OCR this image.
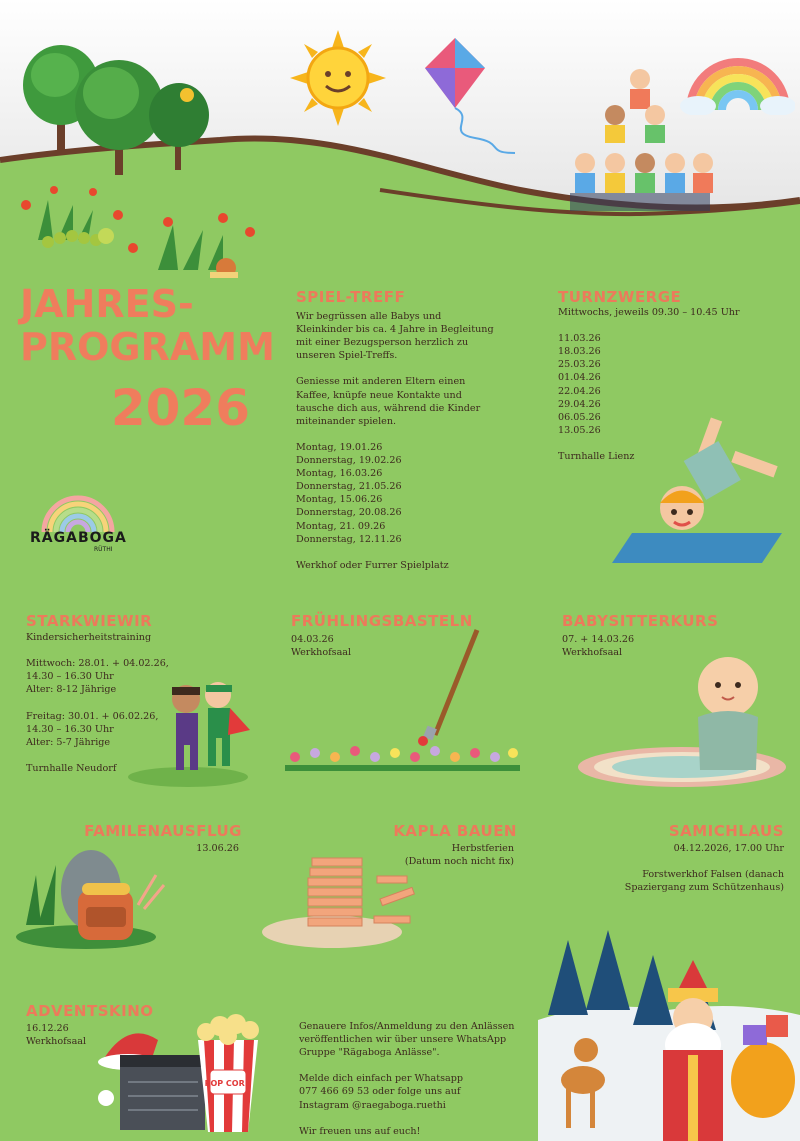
JAHRES-
PROGRAMM
2026
RÄGABOGA
RÜTHI
SPIEL-TREFF
Wir begrüssen alle Babys und
Kleinkinder bis ca. 4 Jahre in Begleitung
mit einer Bezugsperson herzlich zu
unseren Spiel-Treffs.

Geniesse mit anderen Eltern einen
Kaffee, knüpfe neue Kontakte und
tausche dich aus, während die Kinder
miteinander spielen.

Montag, 19.01.26
Donnerstag, 19.02.26
Montag, 16.03.26
Donnerstag, 21.05.26
Montag, 15.06.26
Donnerstag, 20.08.26
Montag, 21. 09.26
Donnerstag, 12.11.26

Werkhof oder Furrer Spielplatz
TURNZWERGE
Mittwochs, jeweils 09.30 – 10.45 Uhr

11.03.26
18.03.26
25.03.26
01.04.26
22.04.26
29.04.26
06.05.26
13.05.26

Turnhalle Lienz
STARKWIEWIR
Kindersicherheitstraining

Mittwoch: 28.01. + 04.02.26,
14.30 – 16.30 Uhr
Alter: 8-12 Jährige

Freitag: 30.01. + 06.02.26,
14.30 – 16.30 Uhr
Alter: 5-7 Jährige

Turnhalle Neudorf
FRÜHLINGSBASTELN
04.03.26
Werkhofsaal
BABYSITTERKURS
07. + 14.03.26
Werkhofsaal
FAMILENAUSFLUG
13.06.26
KAPLA BAUEN
Herbstferien
(Datum noch nicht fix)
SAMICHLAUS
04.12.2026, 17.00 Uhr

Forstwerkhof Falsen (danach
Spaziergang zum Schützenhaus)
ADVENTSKINO
16.12.26
Werkhofsaal
POP CORN
Genauere Infos/Anmeldung zu den Anlässen
veröffentlichen wir über unsere WhatsApp
Gruppe "Rägaboga Anlässe".

Melde dich einfach per Whatsapp
077 466 69 53 oder folge uns auf
Instagram @raegaboga.ruethi

Wir freuen uns auf euch!
